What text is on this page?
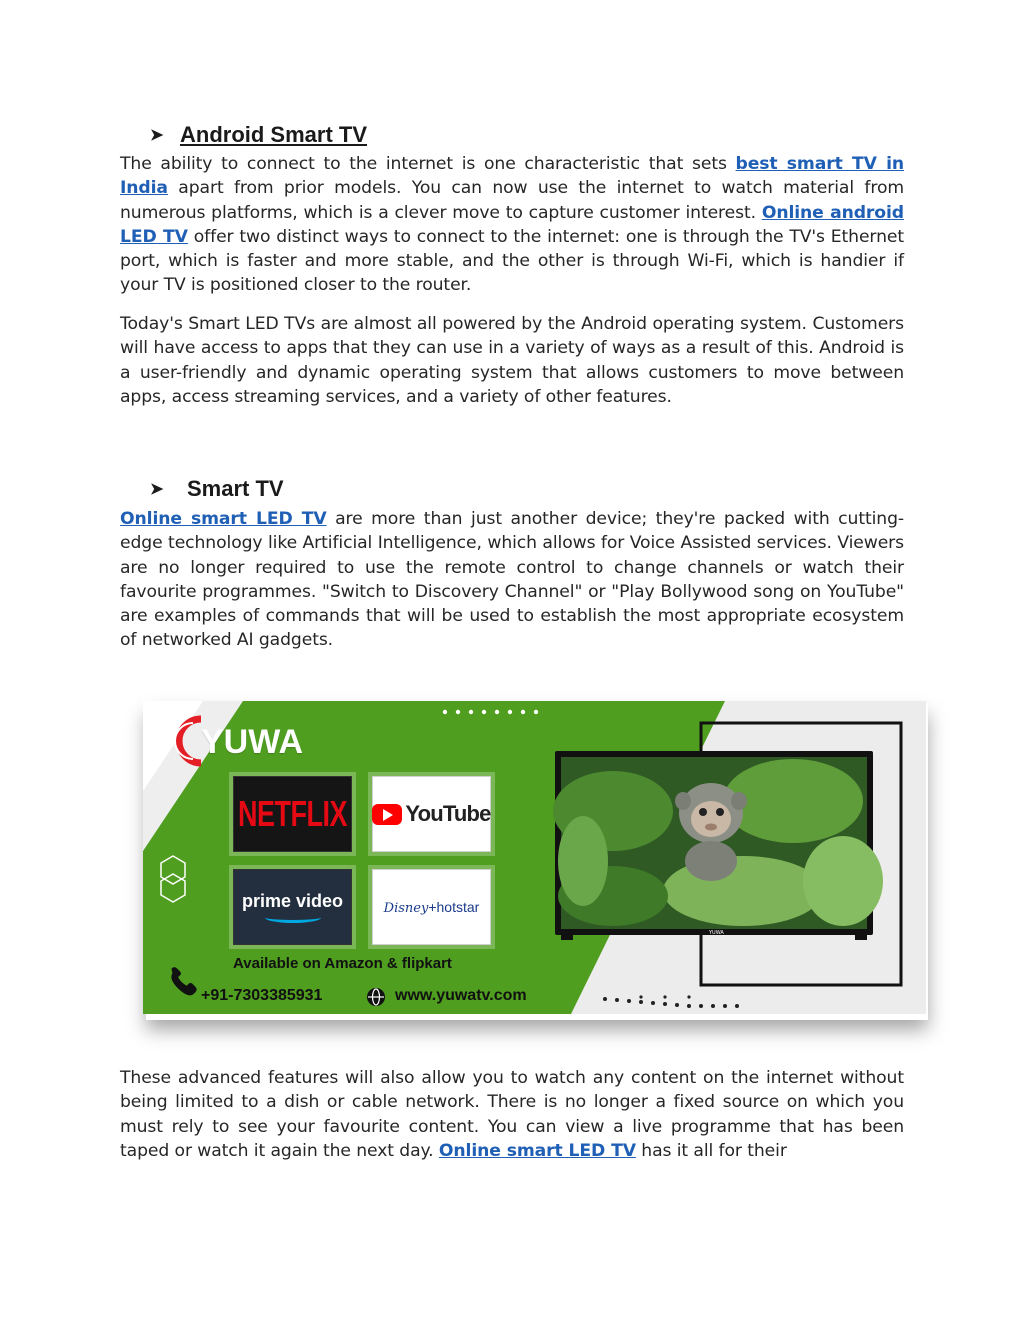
➤ Android Smart TV

The ability to connect to the internet is one characteristic that sets best smart TV in India apart from prior models. You can now use the internet to watch material from numerous platforms, which is a clever move to capture customer interest. Online android LED TV offer two distinct ways to connect to the internet: one is through the TV's Ethernet port, which is faster and more stable, and the other is through Wi-Fi, which is handier if your TV is positioned closer to the router.

Today's Smart LED TVs are almost all powered by the Android operating system. Customers will have access to apps that they can use in a variety of ways as a result of this. Android is a user-friendly and dynamic operating system that allows customers to move between apps, access streaming services, and a variety of other features.

➤	Smart TV

Online smart LED TV are more than just another device; they're packed with cutting-edge technology like Artificial Intelligence, which allows for Voice Assisted services. Viewers are no longer required to use the remote control to change channels or watch their favourite programmes. "Switch to Discovery Channel" or "Play Bollywood song on YouTube" are examples of commands that will be used to establish the most appropriate ecosystem of networked AI gadgets.

YUWA
NETFLIX	YouTube
prime video	Disney+hotstar
Available on Amazon & flipkart
+91-7303385931	www.yuwatv.com
YUWA

These advanced features will also allow you to watch any content on the internet without being limited to a dish or cable network. There is no longer a fixed source on which you must rely to see your favourite content. You can view a live programme that has been taped or watch it again the next day. Online smart LED TV has it all for their
